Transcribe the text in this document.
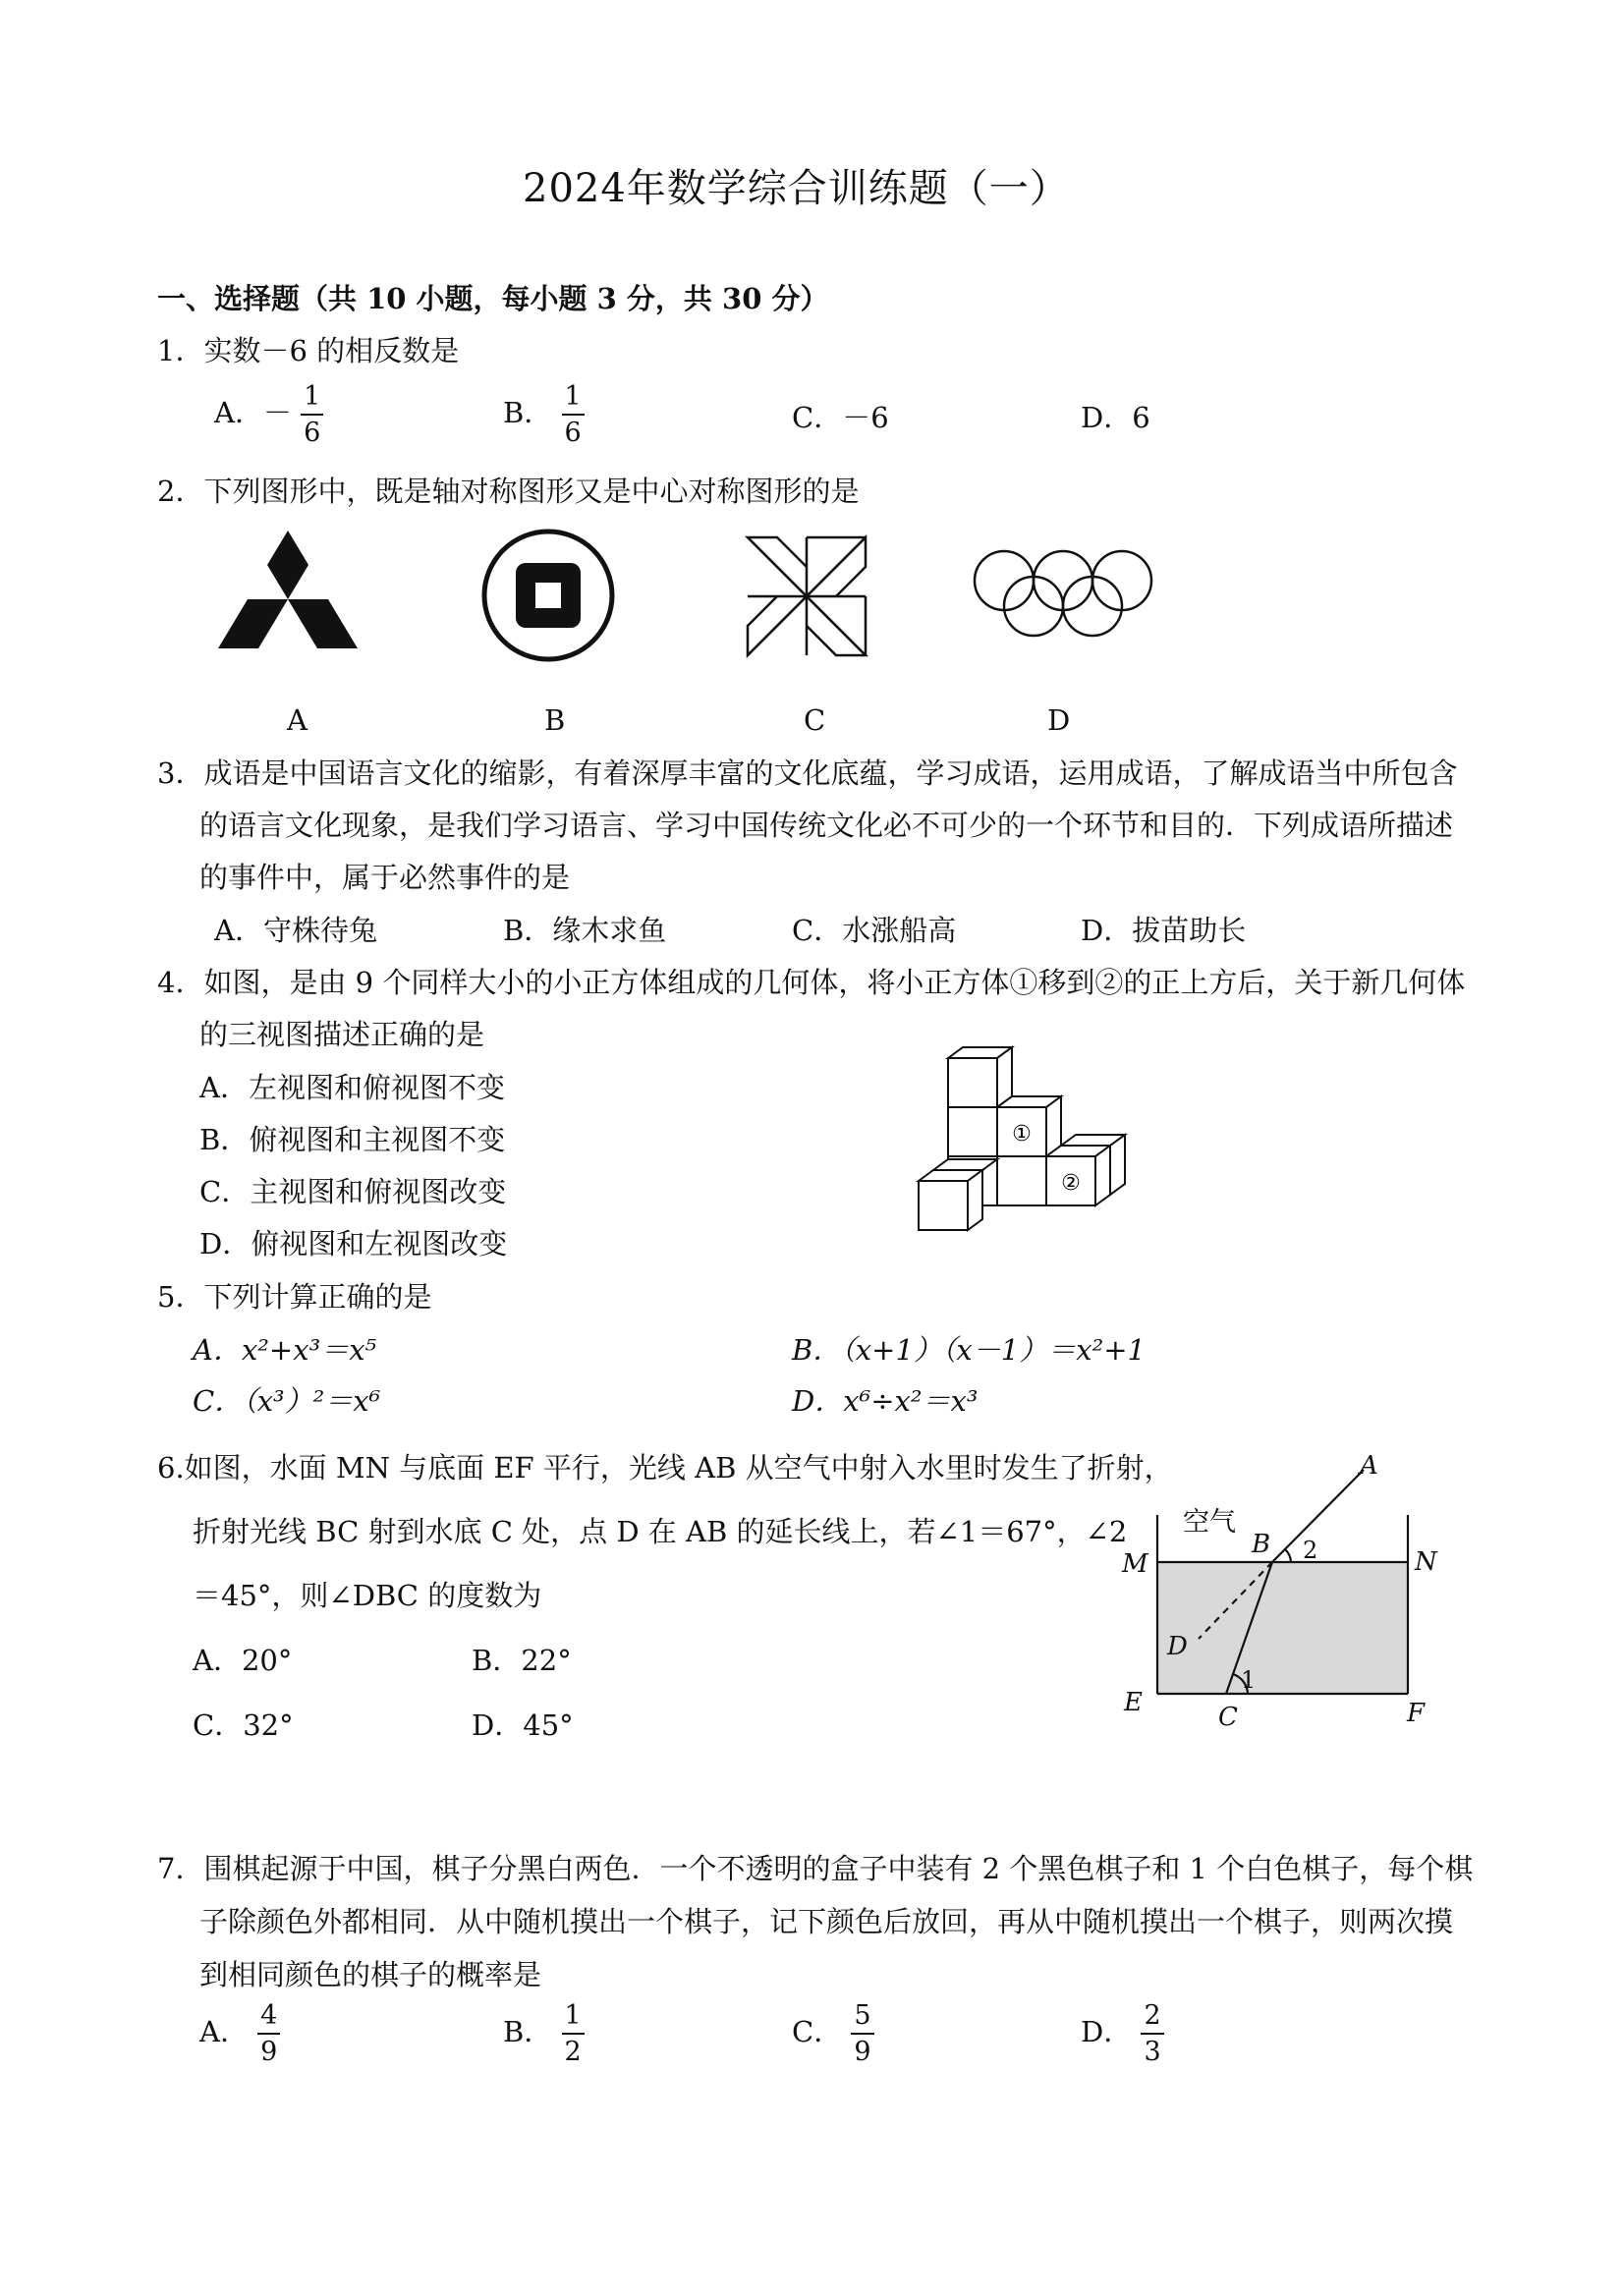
2024年数学综合训练题（一）
一、选择题（共 10 小题，每小题 3 分，共 30 分）
1．实数－6 的相反数是
A．－ $\frac{1}{6}$	B． $\frac{1}{6}$	C．－6	D．6
2．下列图形中，既是轴对称图形又是中心对称图形的是
A	B	C	D
3．成语是中国语言文化的缩影，有着深厚丰富的文化底蕴，学习成语，运用成语，了解成语当中所包含
的语言文化现象，是我们学习语言、学习中国传统文化必不可少的一个环节和目的．下列成语所描述
的事件中，属于必然事件的是
A．守株待兔	B．缘木求鱼	C．水涨船高	D．拔苗助长
4．如图，是由 9 个同样大小的小正方体组成的几何体，将小正方体①移到②的正上方后，关于新几何体
的三视图描述正确的是
A．左视图和俯视图不变
B．俯视图和主视图不变
C．主视图和俯视图改变
D．俯视图和左视图改变
①
②
5．下列计算正确的是
A．x²+x³＝x⁵	B．（x+1）（x－1）＝x²+1
C．（x³）²＝x⁶	D．x⁶÷x²＝x³
6.如图，水面 MN 与底面 EF 平行，光线 AB 从空气中射入水里时发生了折射，
折射光线 BC 射到水底 C 处，点 D 在 AB 的延长线上，若∠1＝67°，∠2
＝45°，则∠DBC 的度数为
A．20°	B．22°
C．32°	D．45°
A
B
C
D
E	F
M	N
空气
1
2
7．围棋起源于中国，棋子分黑白两色．一个不透明的盒子中装有 2 个黑色棋子和 1 个白色棋子，每个棋
子除颜色外都相同．从中随机摸出一个棋子，记下颜色后放回，再从中随机摸出一个棋子，则两次摸
到相同颜色的棋子的概率是
A． $\frac{4}{9}$	B． $\frac{1}{2}$	C． $\frac{5}{9}$	D． $\frac{2}{3}$
